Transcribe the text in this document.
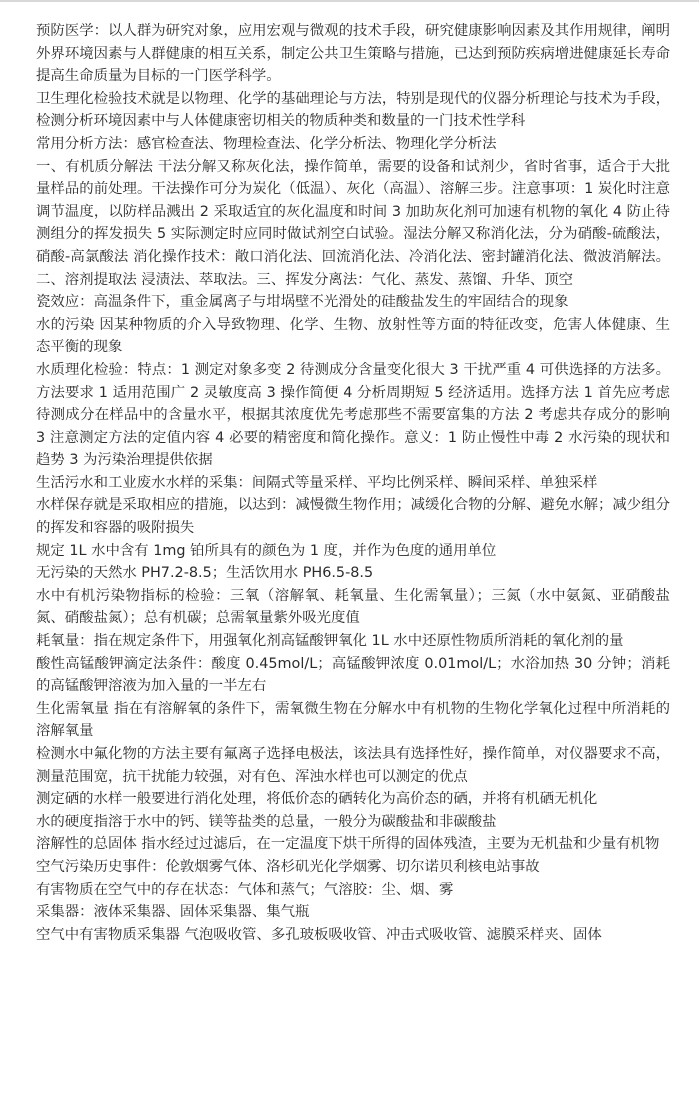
预防医学：以人群为研究对象，应用宏观与微观的技术手段，研究健康影响因素及其作用规律，阐明外界环境因素与人群健康的相互关系，制定公共卫生策略与措施，已达到预防疾病增进健康延长寿命提高生命质量为目标的一门医学科学。

卫生理化检验技术就是以物理、化学的基础理论与方法，特别是现代的仪器分析理论与技术为手段，检测分析环境因素中与人体健康密切相关的物质种类和数量的一门技术性学科

常用分析方法：感官检查法、物理检查法、化学分析法、物理化学分析法

一、有机质分解法 干法分解又称灰化法，操作简单，需要的设备和试剂少，省时省事，适合于大批量样品的前处理。干法操作可分为炭化（低温）、灰化（高温）、溶解三步。注意事项：1 炭化时注意调节温度，以防样品溅出 2 采取适宜的灰化温度和时间 3 加助灰化剂可加速有机物的氧化 4 防止待测组分的挥发损失 5 实际测定时应同时做试剂空白试验。湿法分解又称消化法，分为硝酸-硫酸法，硝酸-高氯酸法 消化操作技术：敞口消化法、回流消化法、冷消化法、密封罐消化法、微波消解法。二、溶剂提取法 浸渍法、萃取法。三、挥发分离法：气化、蒸发、蒸馏、升华、顶空

瓷效应：高温条件下，重金属离子与坩埚壁不光滑处的硅酸盐发生的牢固结合的现象

水的污染 因某种物质的介入导致物理、化学、生物、放射性等方面的特征改变，危害人体健康、生态平衡的现象

水质理化检验：特点：1 测定对象多变 2 待测成分含量变化很大 3 干扰严重 4 可供选择的方法多。方法要求 1 适用范围广 2 灵敏度高 3 操作简便 4 分析周期短 5 经济适用。选择方法 1 首先应考虑待测成分在样品中的含量水平，根据其浓度优先考虑那些不需要富集的方法 2 考虑共存成分的影响 3 注意测定方法的定值内容 4 必要的精密度和简化操作。意义：1 防止慢性中毒 2 水污染的现状和趋势 3 为污染治理提供依据

生活污水和工业废水水样的采集：间隔式等量采样、平均比例采样、瞬间采样、单独采样

水样保存就是采取相应的措施，以达到：减慢微生物作用；减缓化合物的分解、避免水解；减少组分的挥发和容器的吸附损失

规定 1L 水中含有 1mg 铂所具有的颜色为 1 度，并作为色度的通用单位

无污染的天然水 PH7.2-8.5；生活饮用水 PH6.5-8.5

水中有机污染物指标的检验：三氧（溶解氧、耗氧量、生化需氧量）；三氮（水中氨氮、亚硝酸盐氮、硝酸盐氮）；总有机碳；总需氧量紫外吸光度值

耗氧量：指在规定条件下，用强氧化剂高锰酸钾氧化 1L 水中还原性物质所消耗的氧化剂的量

酸性高锰酸钾滴定法条件：酸度 0.45mol/L；高锰酸钾浓度 0.01mol/L；水浴加热 30 分钟；消耗的高锰酸钾溶液为加入量的一半左右

生化需氧量 指在有溶解氧的条件下，需氧微生物在分解水中有机物的生物化学氧化过程中所消耗的溶解氧量

检测水中氟化物的方法主要有氟离子选择电极法，该法具有选择性好，操作简单，对仪器要求不高，测量范围宽，抗干扰能力较强，对有色、浑浊水样也可以测定的优点

测定硒的水样一般要进行消化处理，将低价态的硒转化为高价态的硒，并将有机硒无机化

水的硬度指溶于水中的钙、镁等盐类的总量，一般分为碳酸盐和非碳酸盐

溶解性的总固体 指水经过过滤后，在一定温度下烘干所得的固体残渣，主要为无机盐和少量有机物

空气污染历史事件：伦敦烟雾气体、洛杉矶光化学烟雾、切尔诺贝利核电站事故

有害物质在空气中的存在状态：气体和蒸气；气溶胶：尘、烟、雾

采集器：液体采集器、固体采集器、集气瓶

空气中有害物质采集器 气泡吸收管、多孔玻板吸收管、冲击式吸收管、滤膜采样夹、固体
